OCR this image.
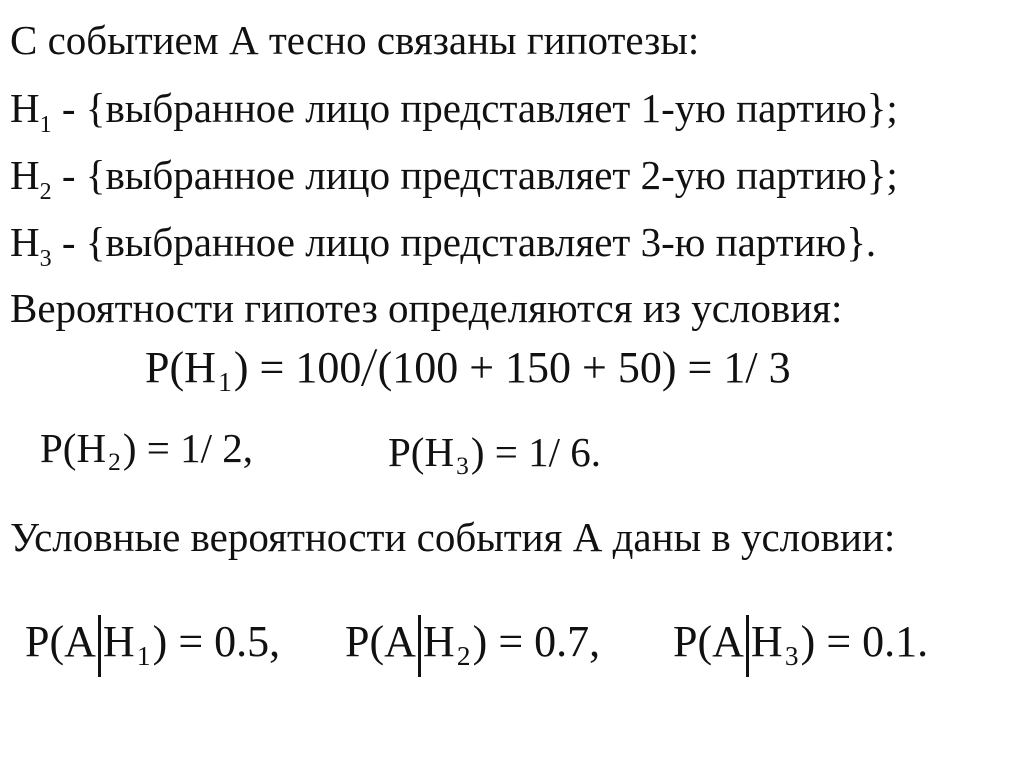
С событием А тесно связаны гипотезы:
$H_1$ - {выбранное лицо представляет 1-ую партию};
$H_2$ - {выбранное лицо представляет 2-ую партию};
$H_3$ - {выбранное лицо представляет 3-ю партию}.
Вероятности гипотез определяются из условия:
P(H1) = 100/(100 + 150 + 50) = 1/ 3
P(H2) = 1/ 2,	P(H3) = 1/ 6.
Условные вероятности события А даны в условии:
P(A H1) = 0.5, P(A H2) = 0.7, P(A H3) = 0.1.
